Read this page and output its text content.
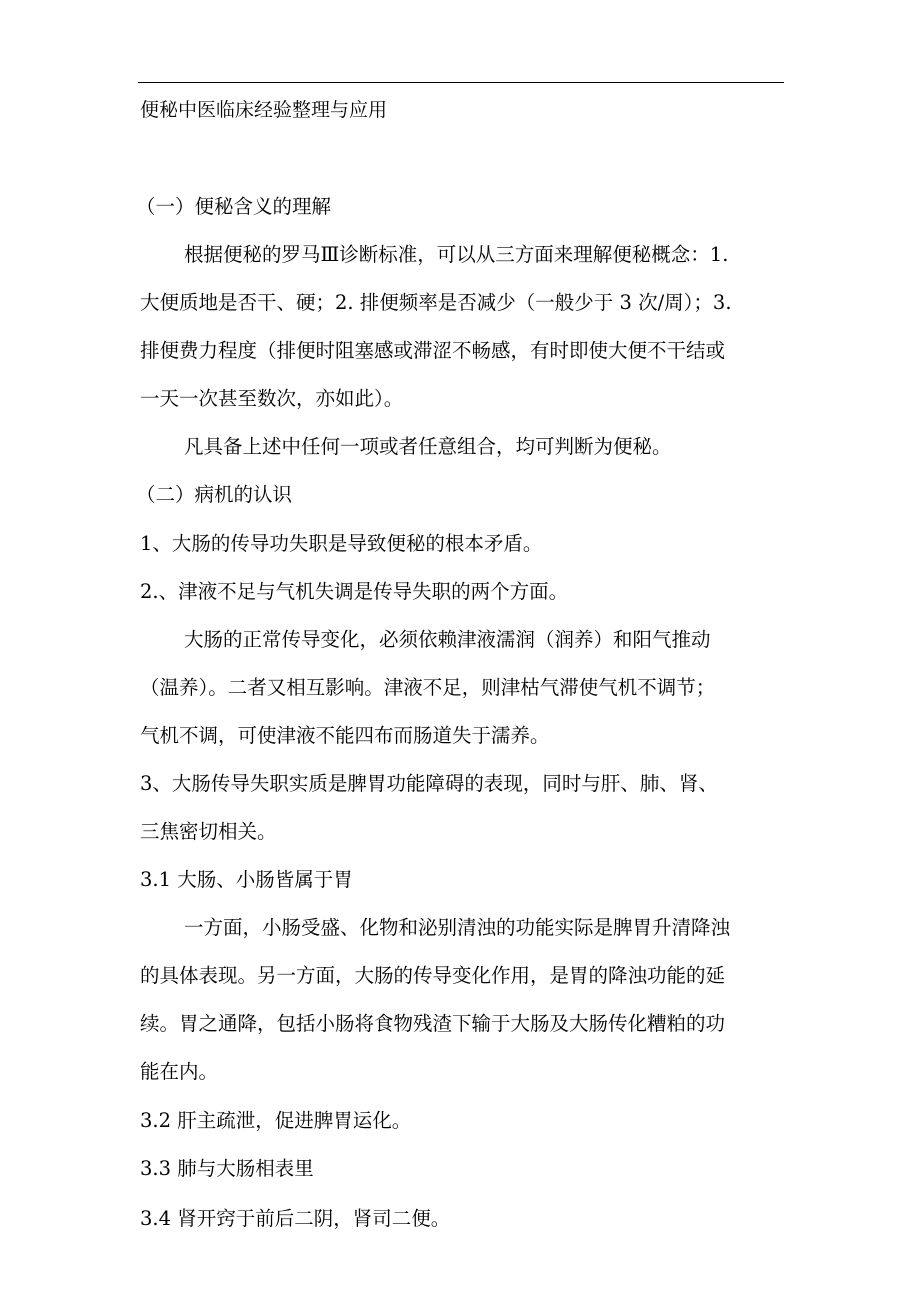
便秘中医临床经验整理与应用
（一）便秘含义的理解
根据便秘的罗马Ⅲ诊断标准，可以从三方面来理解便秘概念：1.
大便质地是否干、硬；2. 排便频率是否减少（一般少于 3 次/周）；3.
排便费力程度（排便时阻塞感或滞涩不畅感，有时即使大便不干结或
一天一次甚至数次，亦如此）。
凡具备上述中任何一项或者任意组合，均可判断为便秘。
（二）病机的认识
1、大肠的传导功失职是导致便秘的根本矛盾。
2.、津液不足与气机失调是传导失职的两个方面。
大肠的正常传导变化，必须依赖津液濡润（润养）和阳气推动
（温养）。二者又相互影响。津液不足，则津枯气滞使气机不调节；
气机不调，可使津液不能四布而肠道失于濡养。
3、大肠传导失职实质是脾胃功能障碍的表现，同时与肝、肺、肾、
三焦密切相关。
3.1 大肠、小肠皆属于胃
一方面，小肠受盛、化物和泌别清浊的功能实际是脾胃升清降浊
的具体表现。另一方面，大肠的传导变化作用，是胃的降浊功能的延
续。胃之通降，包括小肠将食物残渣下输于大肠及大肠传化糟粕的功
能在内。
3.2 肝主疏泄，促进脾胃运化。
3.3 肺与大肠相表里
3.4 肾开窍于前后二阴，肾司二便。
